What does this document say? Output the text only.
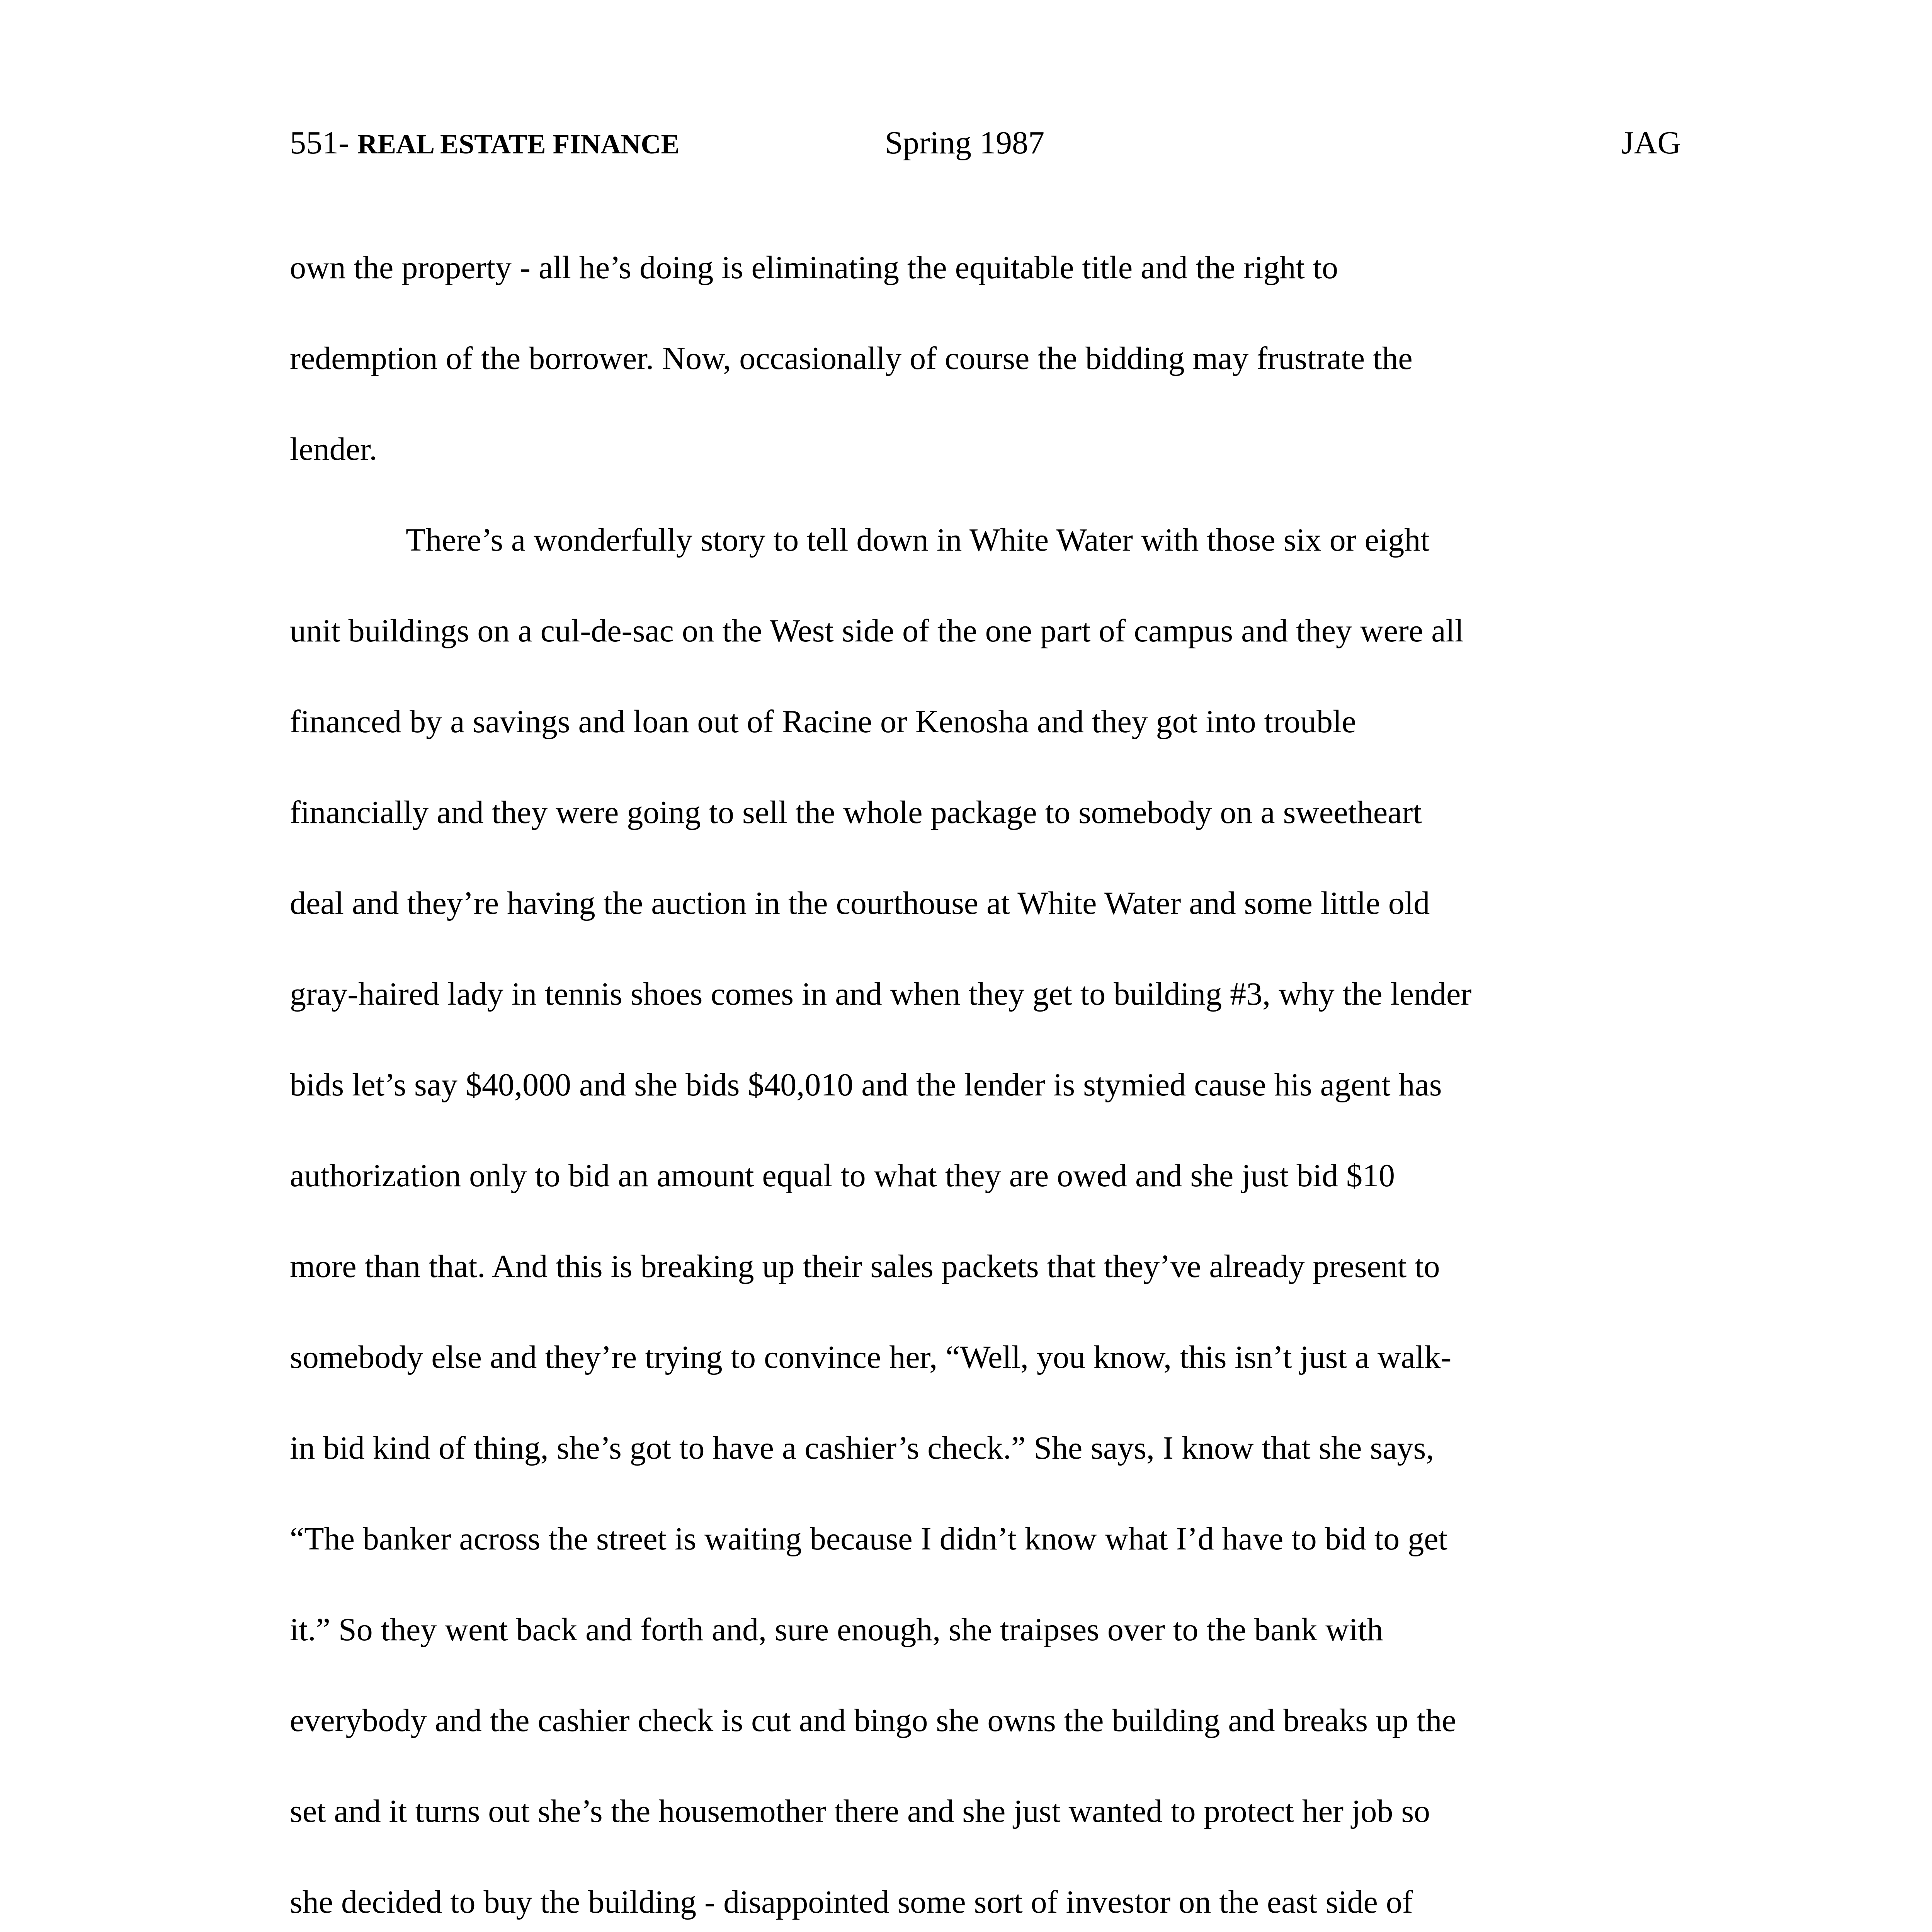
551- REAL ESTATE FINANCE	Spring 1987	JAG
own the property - all he’s doing is eliminating the equitable title and the right to
redemption of the borrower. Now, occasionally of course the bidding may frustrate the
lender.
There’s a wonderfully story to tell down in White Water with those six or eight
unit buildings on a cul-de-sac on the West side of the one part of campus and they were all
financed by a savings and loan out of Racine or Kenosha and they got into trouble
financially and they were going to sell the whole package to somebody on a sweetheart
deal and they’re having the auction in the courthouse at White Water and some little old
gray-haired lady in tennis shoes comes in and when they get to building #3, why the lender
bids let’s say $40,000 and she bids $40,010 and the lender is stymied cause his agent has
authorization only to bid an amount equal to what they are owed and she just bid $10
more than that. And this is breaking up their sales packets that they’ve already present to
somebody else and they’re trying to convince her, “Well, you know, this isn’t just a walk-
in bid kind of thing, she’s got to have a cashier’s check.” She says, I know that she says,
“The banker across the street is waiting because I didn’t know what I’d have to bid to get
it.” So they went back and forth and, sure enough, she traipses over to the bank with
everybody and the cashier check is cut and bingo she owns the building and breaks up the
set and it turns out she’s the housemother there and she just wanted to protect her job so
she decided to buy the building - disappointed some sort of investor on the east side of
